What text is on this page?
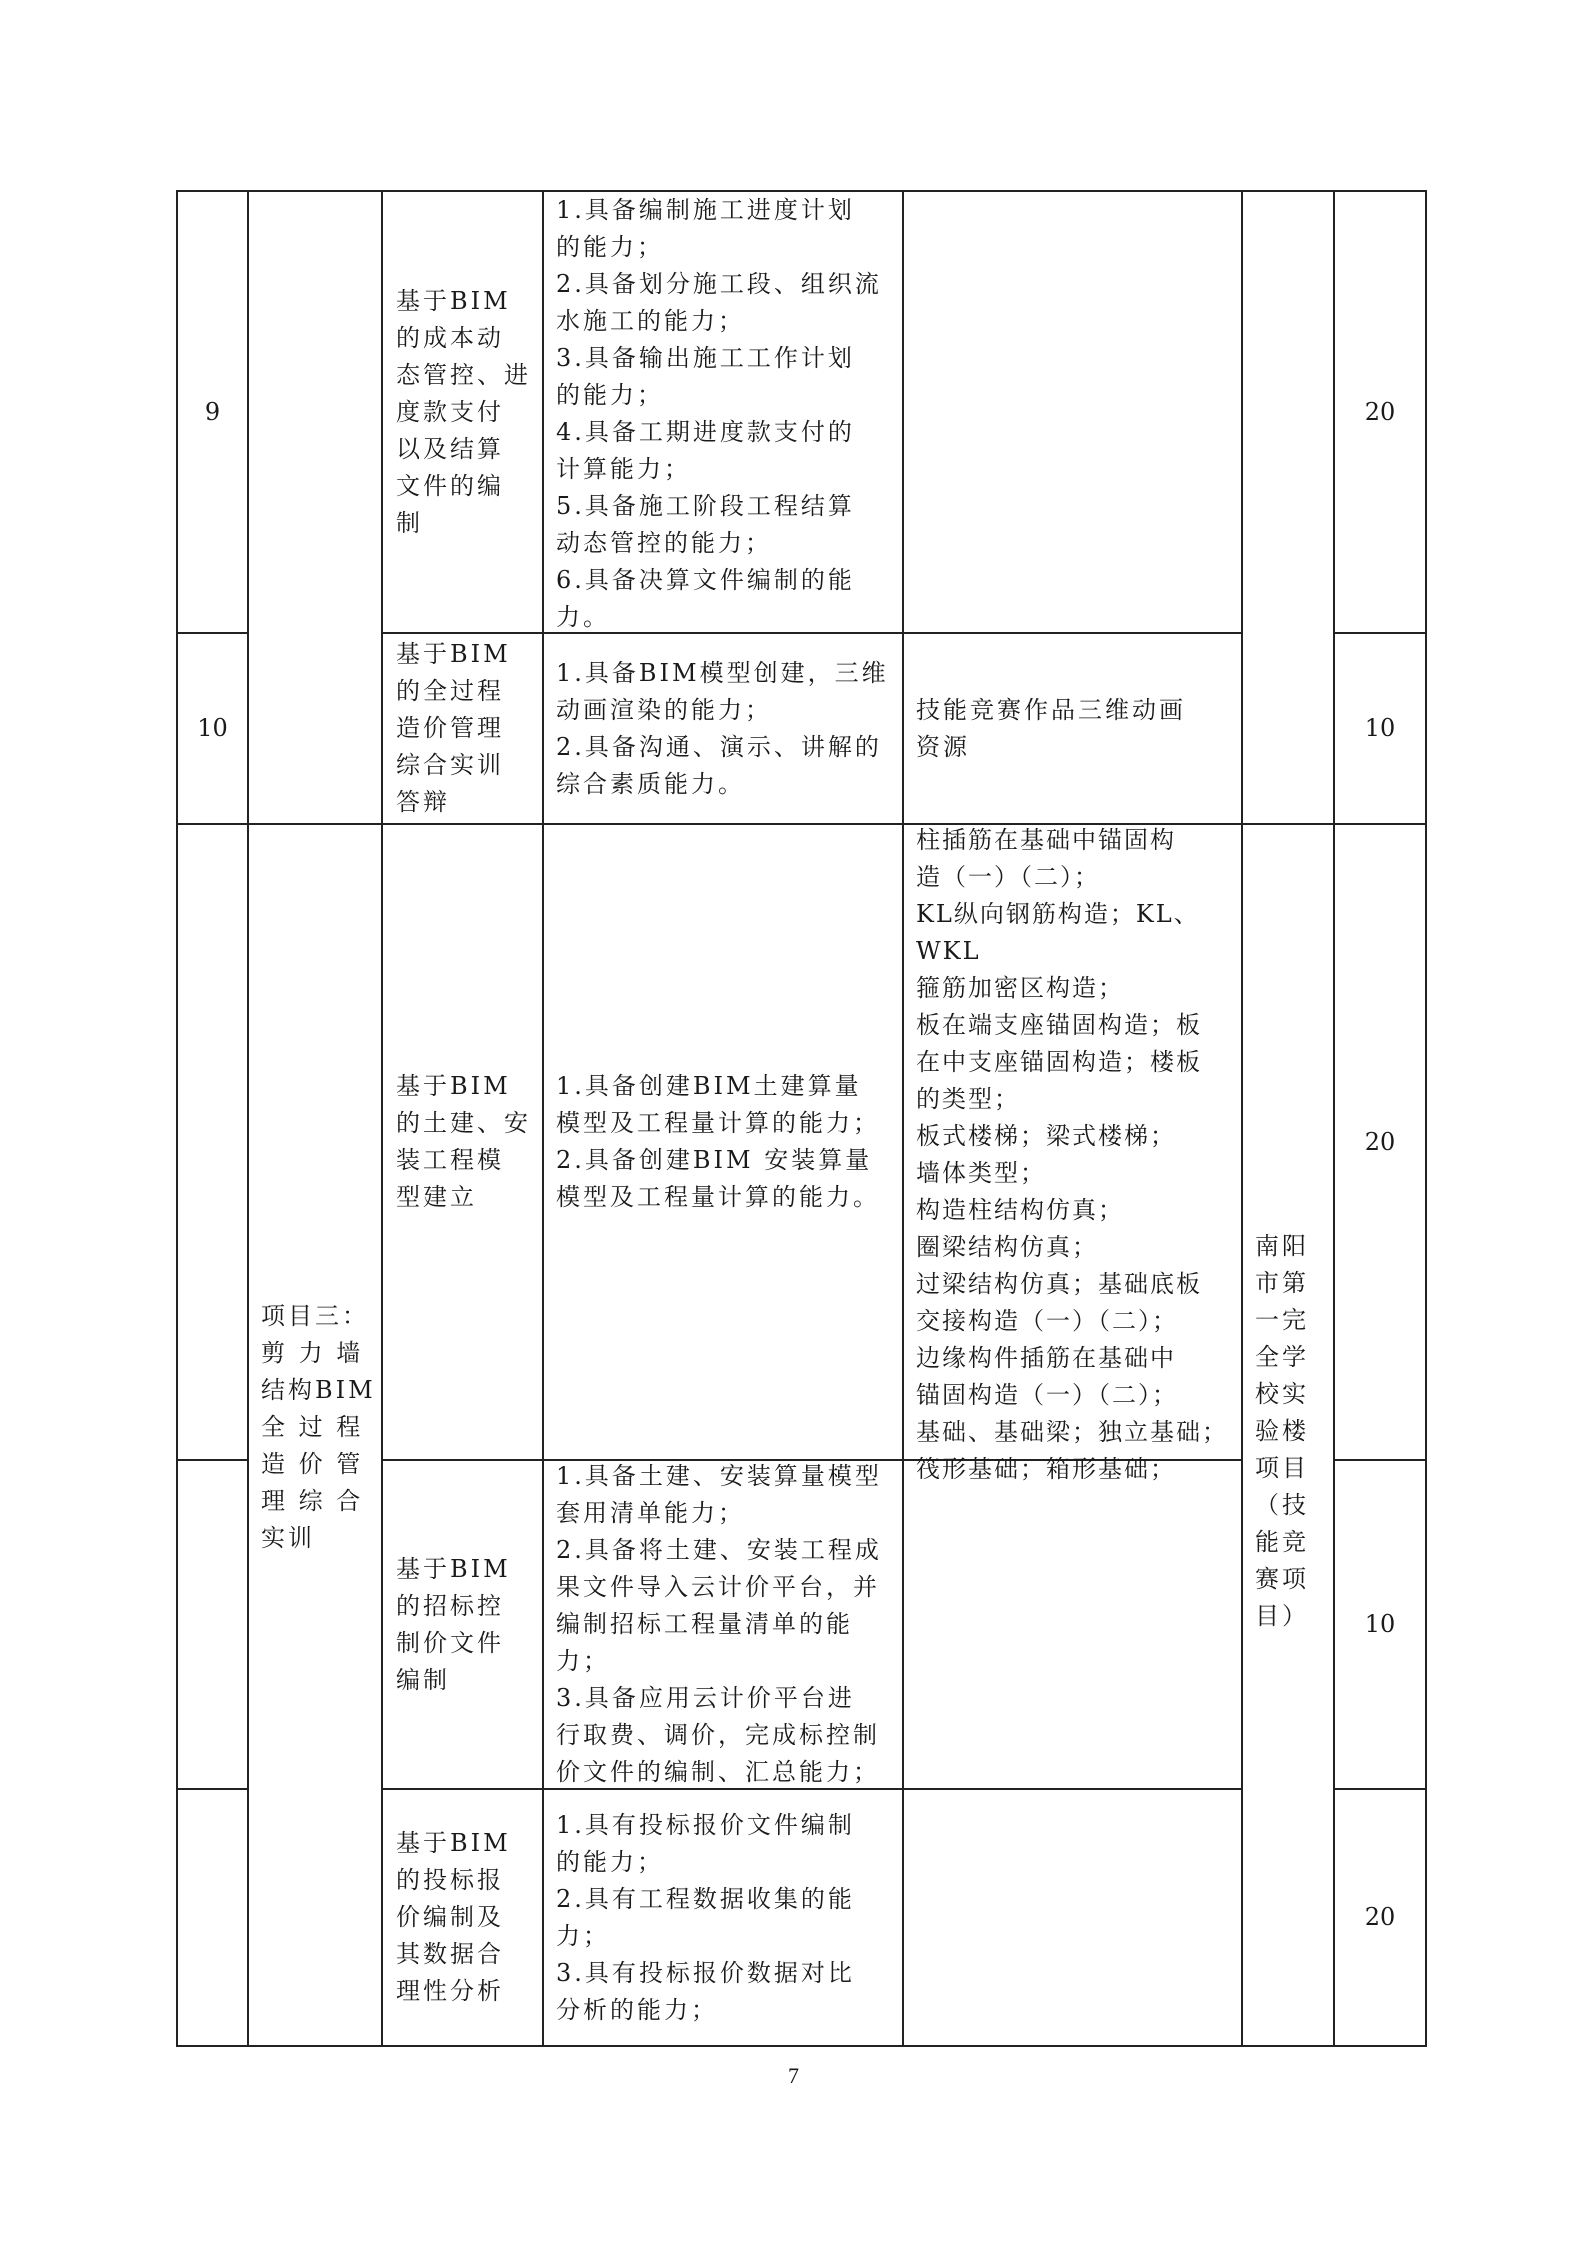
9
基于BIM
的成本动
态管控、进
度款支付
以及结算
文件的编
制
1.具备编制施工进度计划
的能力；
2.具备划分施工段、组织流
水施工的能力；
3.具备输出施工工作计划
的能力；
4.具备工期进度款支付的
计算能力；
5.具备施工阶段工程结算
动态管控的能力；
6.具备决算文件编制的能
力。
20
10
基于BIM
的全过程
造价管理
综合实训
答辩
1.具备BIM模型创建，三维
动画渲染的能力；
2.具备沟通、演示、讲解的
综合素质能力。
技能竞赛作品三维动画
资源
10
项目三：
剪 力 墙
结构BIM
全 过 程
造 价 管
理 综 合
实训
基于BIM
的土建、安
装工程模
型建立
1.具备创建BIM土建算量
模型及工程量计算的能力；
2.具备创建BIM 安装算量
模型及工程量计算的能力。
柱插筋在基础中锚固构
造（一）（二）；
KL纵向钢筋构造；KL、WKL
箍筋加密区构造；
板在端支座锚固构造；板
在中支座锚固构造；楼板
的类型；
板式楼梯；梁式楼梯；
墙体类型；
构造柱结构仿真；
圈梁结构仿真；
过梁结构仿真；基础底板
交接构造（一）（二）；
边缘构件插筋在基础中
锚固构造（一）（二）；
基础、基础梁；独立基础；
筏形基础；箱形基础；
20
南阳
市第
一完
全学
校实
验楼
项目
（技
能竞
赛项
目）
基于BIM
的招标控
制价文件
编制
1.具备土建、安装算量模型
套用清单能力；
2.具备将土建、安装工程成
果文件导入云计价平台，并
编制招标工程量清单的能
力；
3.具备应用云计价平台进
行取费、调价，完成标控制
价文件的编制、汇总能力；
10
基于BIM
的投标报
价编制及
其数据合
理性分析
1.具有投标报价文件编制
的能力；
2.具有工程数据收集的能
力；
3.具有投标报价数据对比
分析的能力；
20
7
